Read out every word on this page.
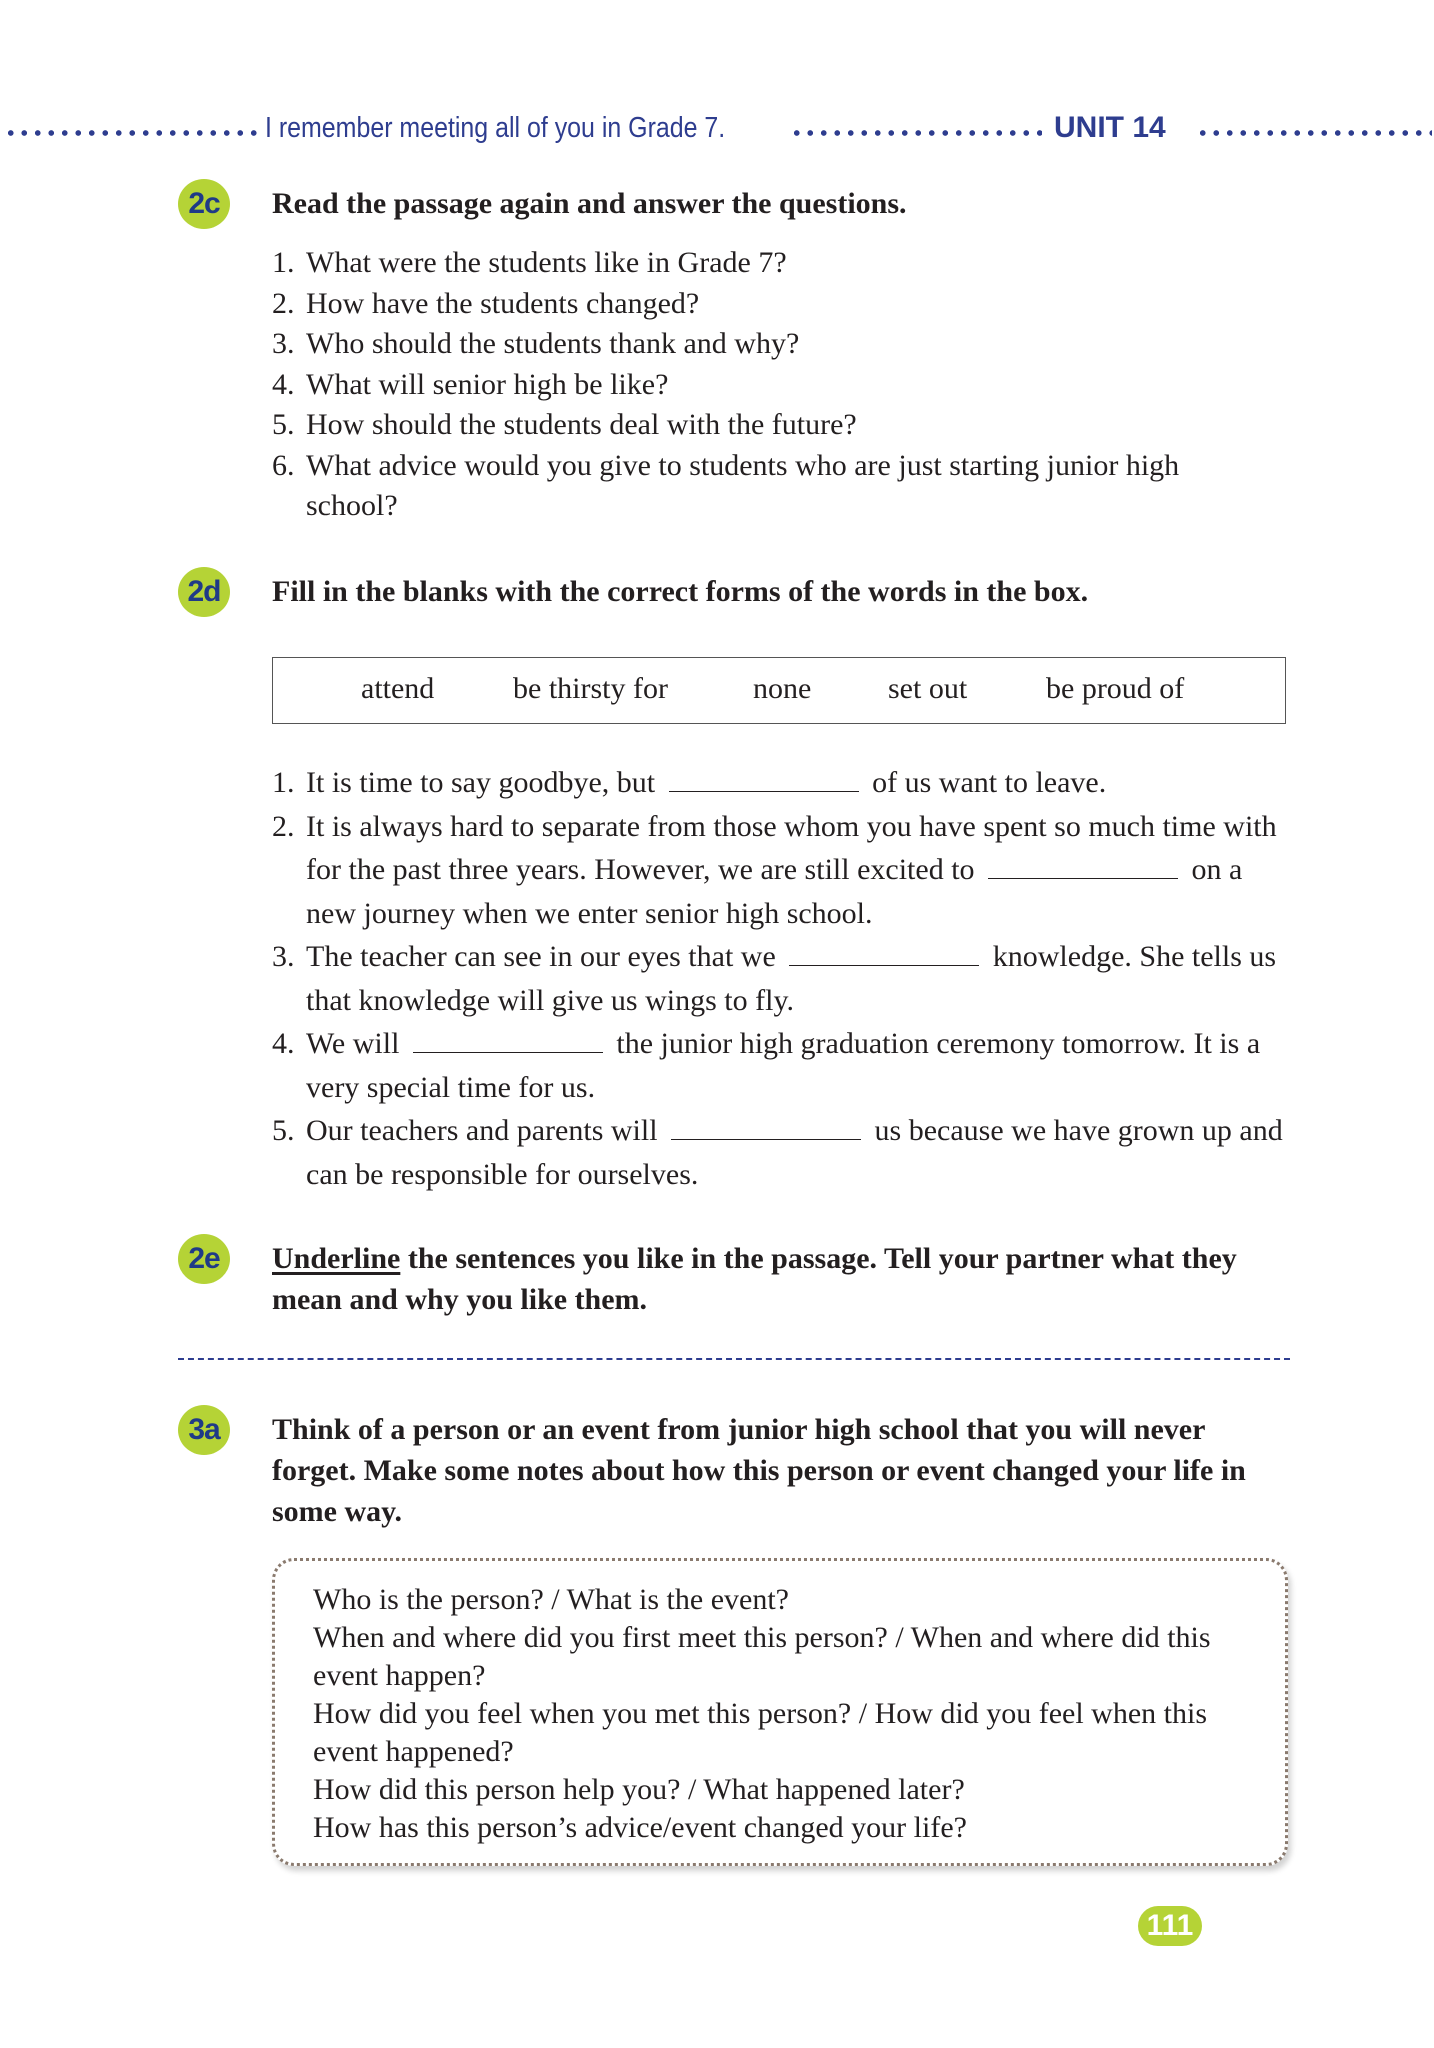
I remember meeting all of you in Grade 7.	UNIT 14
2c	Read the passage again and answer the questions.
1. What were the students like in Grade 7?
2. How have the students changed?
3. Who should the students thank and why?
4. What will senior high be like?
5. How should the students deal with the future?
6. What advice would you give to students who are just starting junior high school?
2d	Fill in the blanks with the correct forms of the words in the box.
attend	be thirsty for	none	set out	be proud of
1. It is time to say goodbye, but	of us want to leave.
2. It is always hard to separate from those whom you have spent so much time with for the past three years. However, we are still excited to	on a new journey when we enter senior high school.
3. The teacher can see in our eyes that we	knowledge. She tells us that knowledge will give us wings to fly.
4. We will	the junior high graduation ceremony tomorrow. It is a very special time for us.
5. Our teachers and parents will	us because we have grown up and can be responsible for ourselves.
2e	Underline the sentences you like in the passage. Tell your partner what they mean and why you like them.
3a	Think of a person or an event from junior high school that you will never forget. Make some notes about how this person or event changed your life in some way.
Who is the person? / What is the event?
When and where did you first meet this person? / When and where did this event happen?
How did you feel when you met this person? / How did you feel when this event happened?
How did this person help you? / What happened later?
How has this person’s advice/event changed your life?
111
